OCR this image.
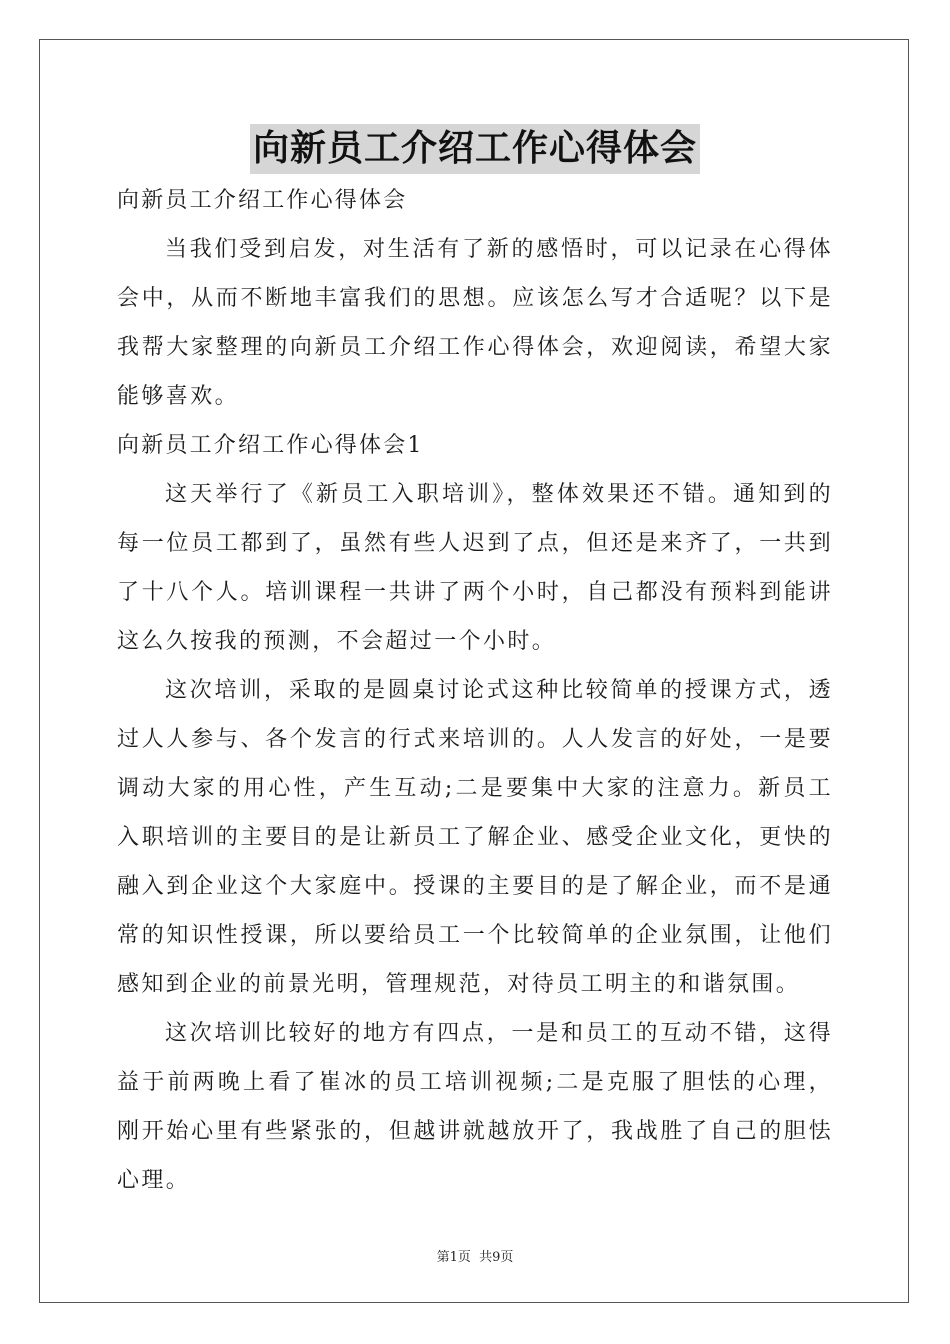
向新员工介绍工作心得体会

向新员工介绍工作心得体会

当我们受到启发，对生活有了新的感悟时，可以记录在心得体会中，从而不断地丰富我们的思想。应该怎么写才合适呢？以下是我帮大家整理的向新员工介绍工作心得体会，欢迎阅读，希望大家能够喜欢。

向新员工介绍工作心得体会1

这天举行了《新员工入职培训》，整体效果还不错。通知到的每一位员工都到了，虽然有些人迟到了点，但还是来齐了，一共到了十八个人。培训课程一共讲了两个小时，自己都没有预料到能讲这么久按我的预测，不会超过一个小时。

这次培训，采取的是圆桌讨论式这种比较简单的授课方式，透过人人参与、各个发言的行式来培训的。人人发言的好处，一是要调动大家的用心性，产生互动;二是要集中大家的注意力。新员工入职培训的主要目的是让新员工了解企业、感受企业文化，更快的融入到企业这个大家庭中。授课的主要目的是了解企业，而不是通常的知识性授课，所以要给员工一个比较简单的企业氛围，让他们感知到企业的前景光明，管理规范，对待员工明主的和谐氛围。

这次培训比较好的地方有四点，一是和员工的互动不错，这得益于前两晚上看了崔冰的员工培训视频;二是克服了胆怯的心理，刚开始心里有些紧张的，但越讲就越放开了，我战胜了自己的胆怯心理。

第1页 共9页
